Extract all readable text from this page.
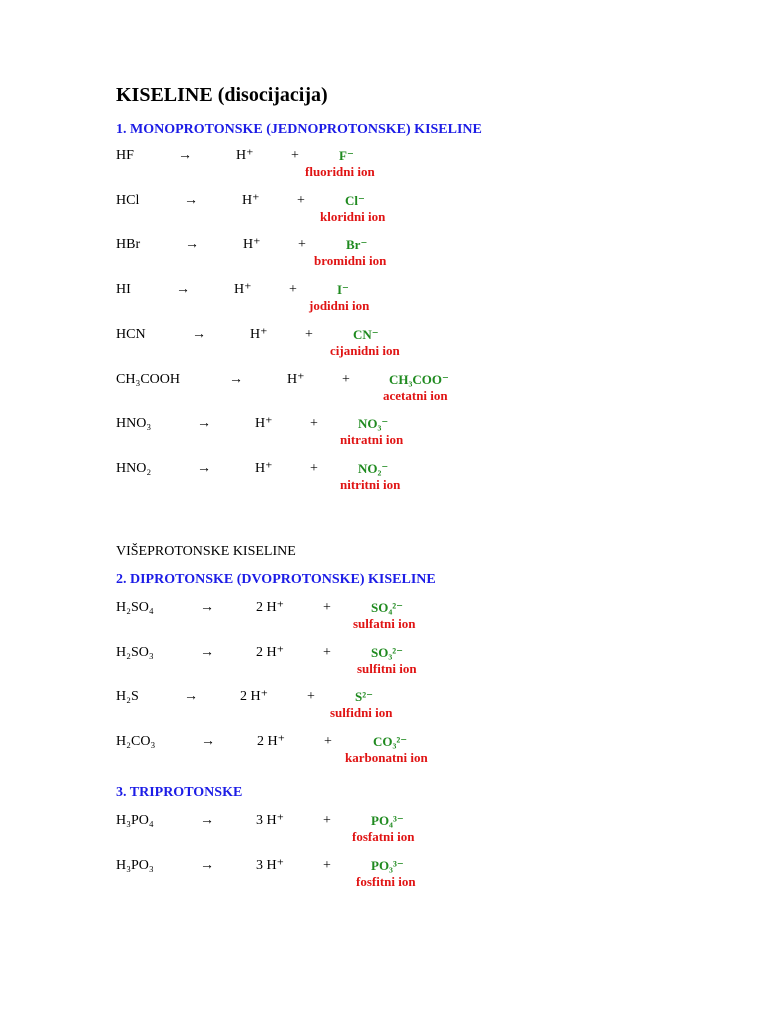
KISELINE (disocijacija)
1. MONOPROTONSKE (JEDNOPROTONSKE) KISELINE
HF	→	H⁺	+	F⁻
fluoridni ion
HCl	→	H⁺	+	Cl⁻
kloridni ion
HBr	→	H⁺	+	Br⁻
bromidni ion
HI	→	H⁺	+	I⁻
jodidni ion
HCN	→	H⁺	+	CN⁻
cijanidni ion
CH₃COOH	→	H⁺	+	CH₃COO⁻
acetatni ion
HNO₃	→	H⁺	+	NO₃⁻
nitratni ion
HNO₂	→	H⁺	+	NO₂⁻
nitritni ion
VIŠEPROTONSKE KISELINE
2. DIPROTONSKE (DVOPROTONSKE) KISELINE
H₂SO₄	→	2 H⁺	+	SO₄²⁻
sulfatni ion
H₂SO₃	→	2 H⁺	+	SO₃²⁻
sulfitni ion
H₂S	→	2 H⁺	+	S²⁻
sulfidni ion
H₂CO₃	→	2 H⁺	+	CO₃²⁻
karbonatni ion
3. TRIPROTONSKE
H₃PO₄	→	3 H⁺	+	PO₄³⁻
fosfatni ion
H₃PO₃	→	3 H⁺	+	PO₃³⁻
fosfitni ion
